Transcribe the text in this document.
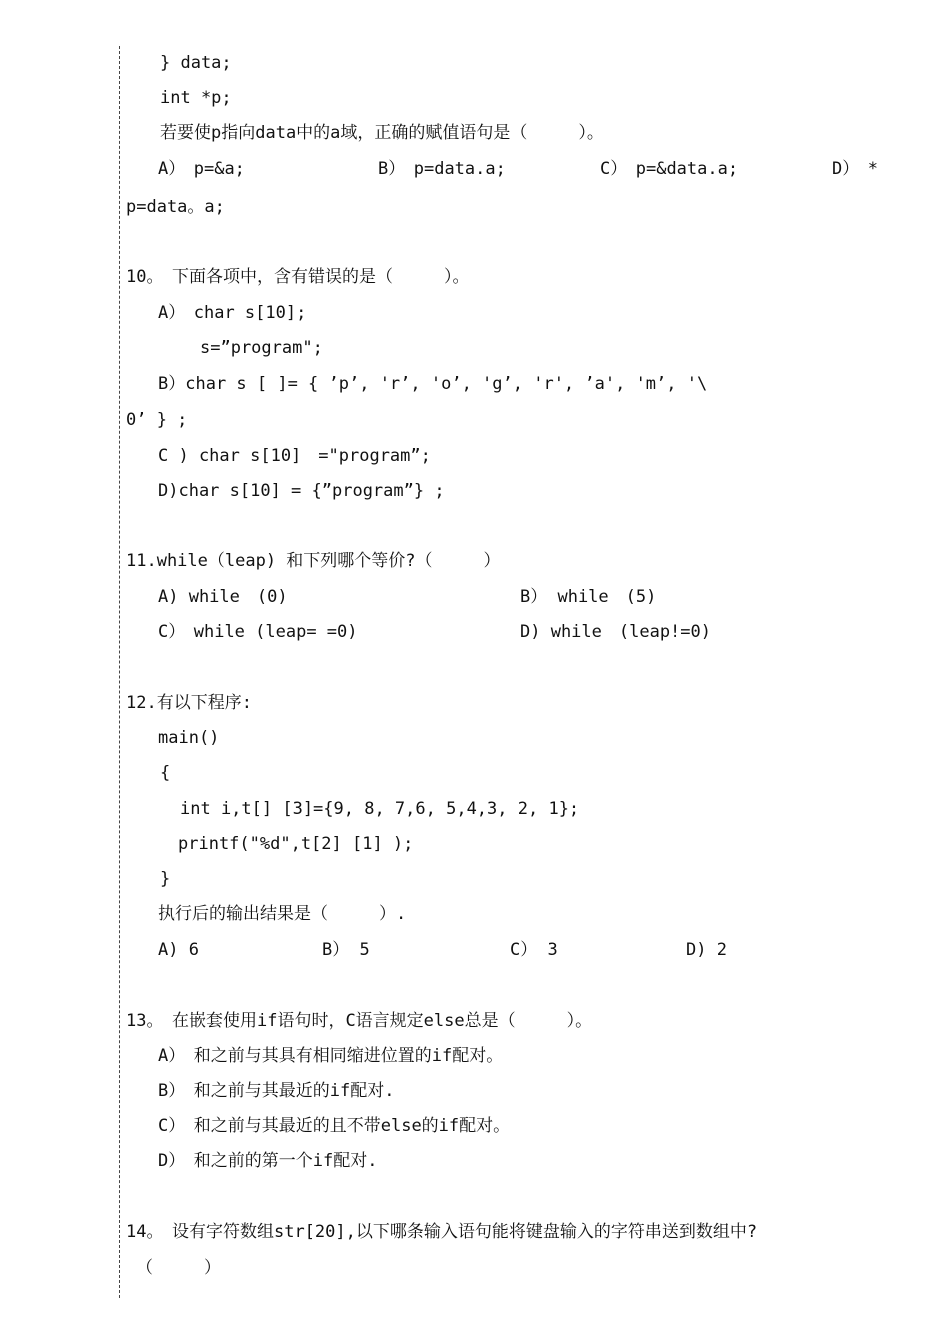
} data;
int *p;
若要使p指向data中的a域，正确的赋值语句是（　　　）。
A）　p=&a;	B）　p=data.a;	C）　p=&data.a;	D）　*
p=data。a;
10。　下面各项中，含有错误的是（　　　）。
A）　char s[10];
s=”program";
B）char s [ ]= { ’p’, 'r’, 'o’, 'g’, 'r', ’a', 'm’, '\
0’ } ;
C ) char s[10]　="program”;
D)char s[10] = {”program”} ;
11.while（leap) 和下列哪个等价?（　　　）
A) while　(0)	B） while　(5)
C）　while (leap= =0)	D) while　(leap!=0)
12.有以下程序:
main()
{
int i,t[] [3]={9, 8, 7,6, 5,4,3, 2, 1};
printf("%d",t[2] [1] );
}
执行后的输出结果是（　　　）.
A) 6	B） 5	C） 3	D) 2
13。　在嵌套使用if语句时，C语言规定else总是（　　　）。
A）　和之前与其具有相同缩进位置的if配对。
B）　和之前与其最近的if配对.
C）　和之前与其最近的且不带else的if配对。
D）　和之前的第一个if配对.
14。　设有字符数组str[20],以下哪条输入语句能将键盘输入的字符串送到数组中?
（　　　）
